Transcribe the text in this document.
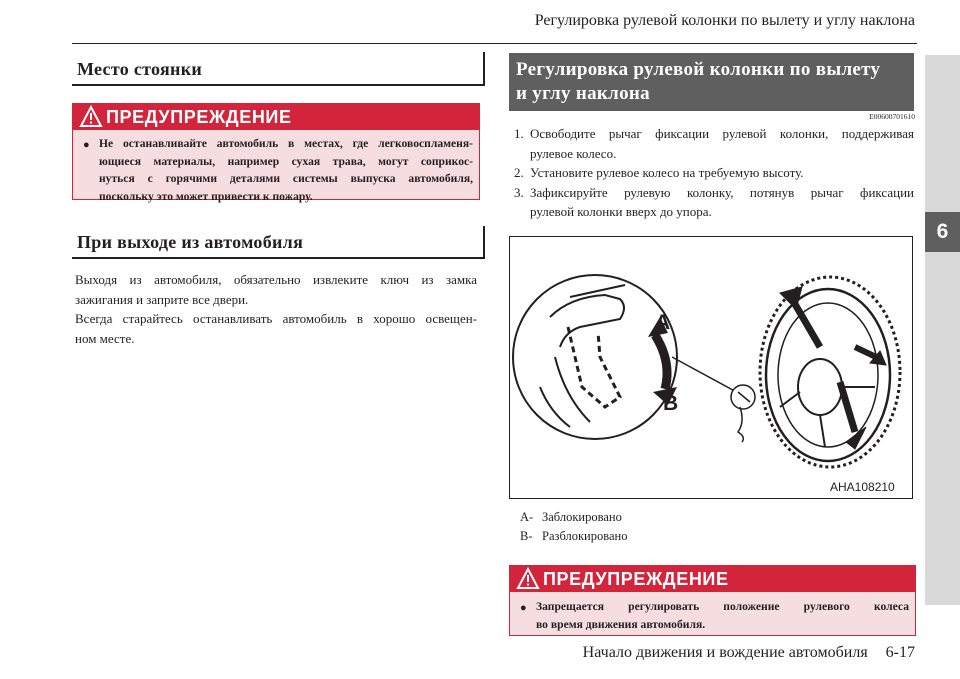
Регулировка рулевой колонки по вылету и углу наклона
6
Место стоянки
ПРЕДУПРЕЖДЕНИЕ
● Не останавливайте автомобиль в местах, где легковоспламеня-
ющиеся материалы, например сухая трава, могут соприкос-
нуться с горячими деталями системы выпуска автомобиля,
поскольку это может привести к пожару.
При выходе из автомобиля

Выходя из автомобиля, обязательно извлеките ключ из замка

зажигания и заприте все двери.

Всегда старайтесь останавливать автомобиль в хорошо освещен-

ном месте.

Регулировка рулевой колонки по вылету
и углу наклона
E00600701610
1. Освободите рычаг фиксации рулевой колонки, поддерживая
рулевое колесо.
2. Установите рулевое колесо на требуемую высоту.
3. Зафиксируйте рулевую колонку, потянув рычаг фиксации
рулевой колонки вверх до упора.
A
B
AHA108210
A- Заблокировано
B- Разблокировано
ПРЕДУПРЕЖДЕНИЕ
● Запрещается регулировать положение рулевого колеса
во время движения автомобиля.
Начало движения и вождение автомобиля 6-17
